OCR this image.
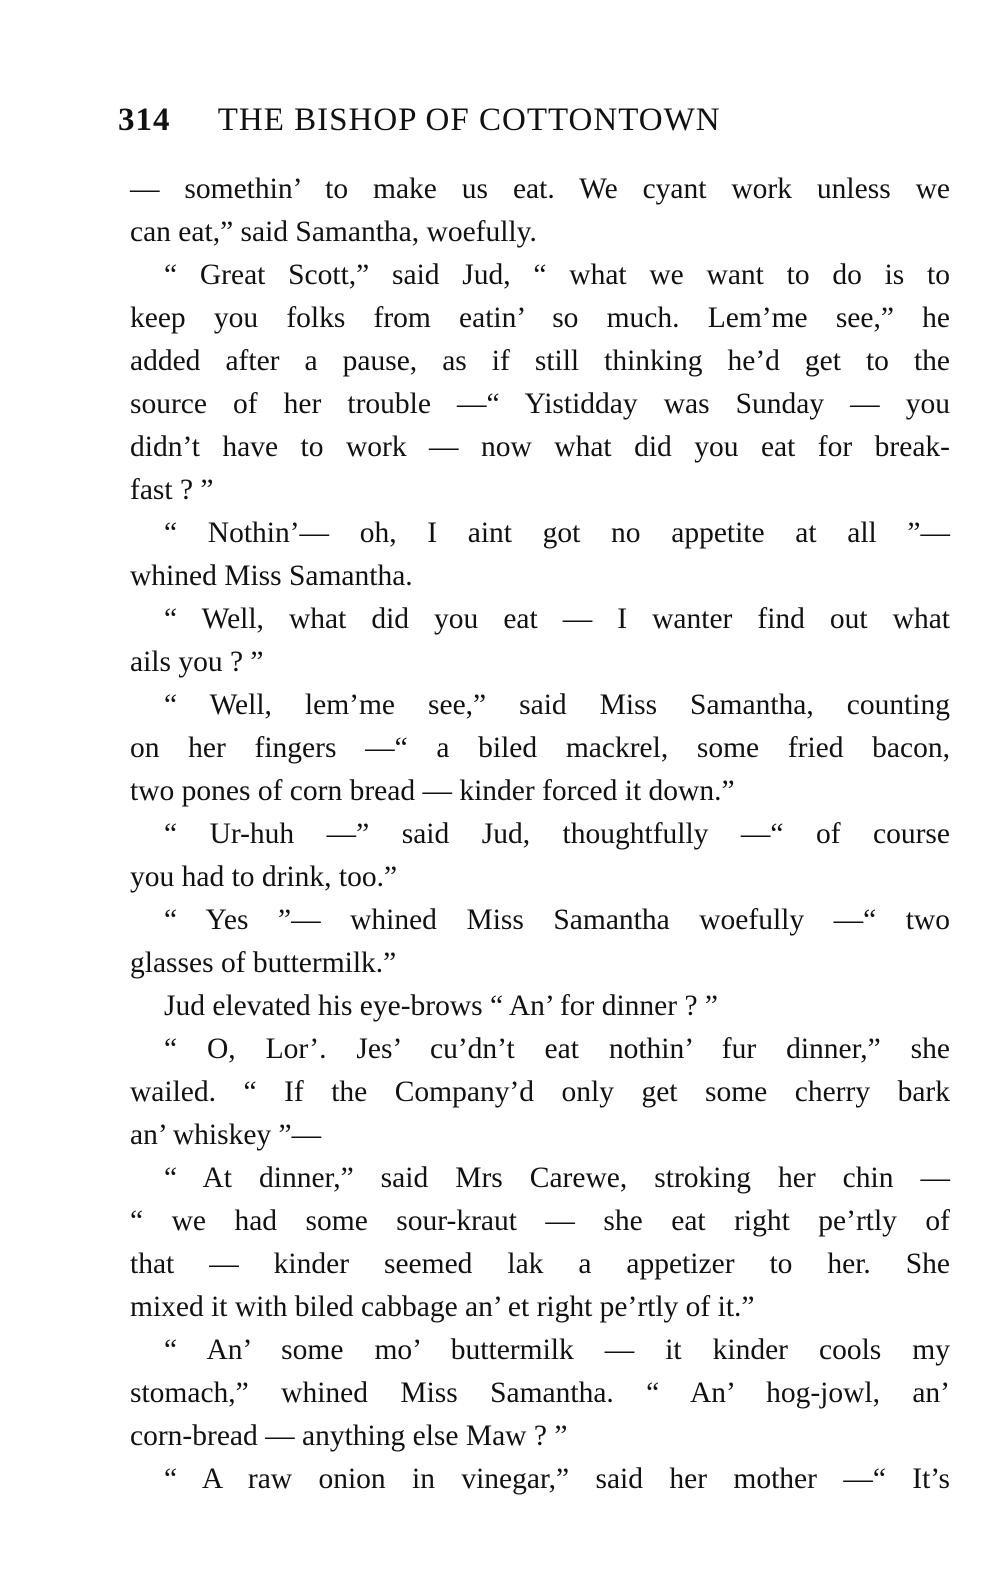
314 THE BISHOP OF COTTONTOWN
— somethin’ to make us eat. We cyant work unless we
can eat,” said Samantha, woefully.
“ Great Scott,” said Jud, “ what we want to do is to
keep you folks from eatin’ so much. Lem’me see,” he
added after a pause, as if still thinking he’d get to the
source of her trouble —“ Yistidday was Sunday — you
didn’t have to work — now what did you eat for break-
fast ? ”
“ Nothin’— oh, I aint got no appetite at all ”—
whined Miss Samantha.
“ Well, what did you eat — I wanter find out what
ails you ? ”
“ Well, lem’me see,” said Miss Samantha, counting
on her fingers —“ a biled mackrel, some fried bacon,
two pones of corn bread — kinder forced it down.”
“ Ur-huh —” said Jud, thoughtfully —“ of course
you had to drink, too.”
“ Yes ”— whined Miss Samantha woefully —“ two
glasses of buttermilk.”
Jud elevated his eye-brows “ An’ for dinner ? ”
“ O, Lor’. Jes’ cu’dn’t eat nothin’ fur dinner,” she
wailed. “ If the Company’d only get some cherry bark
an’ whiskey ”—
“ At dinner,” said Mrs Carewe, stroking her chin —
“ we had some sour-kraut — she eat right pe’rtly of
that — kinder seemed lak a appetizer to her. She
mixed it with biled cabbage an’ et right pe’rtly of it.”
“ An’ some mo’ buttermilk — it kinder cools my
stomach,” whined Miss Samantha. “ An’ hog-jowl, an’
corn-bread — anything else Maw ? ”
“ A raw onion in vinegar,” said her mother —“ It’s
